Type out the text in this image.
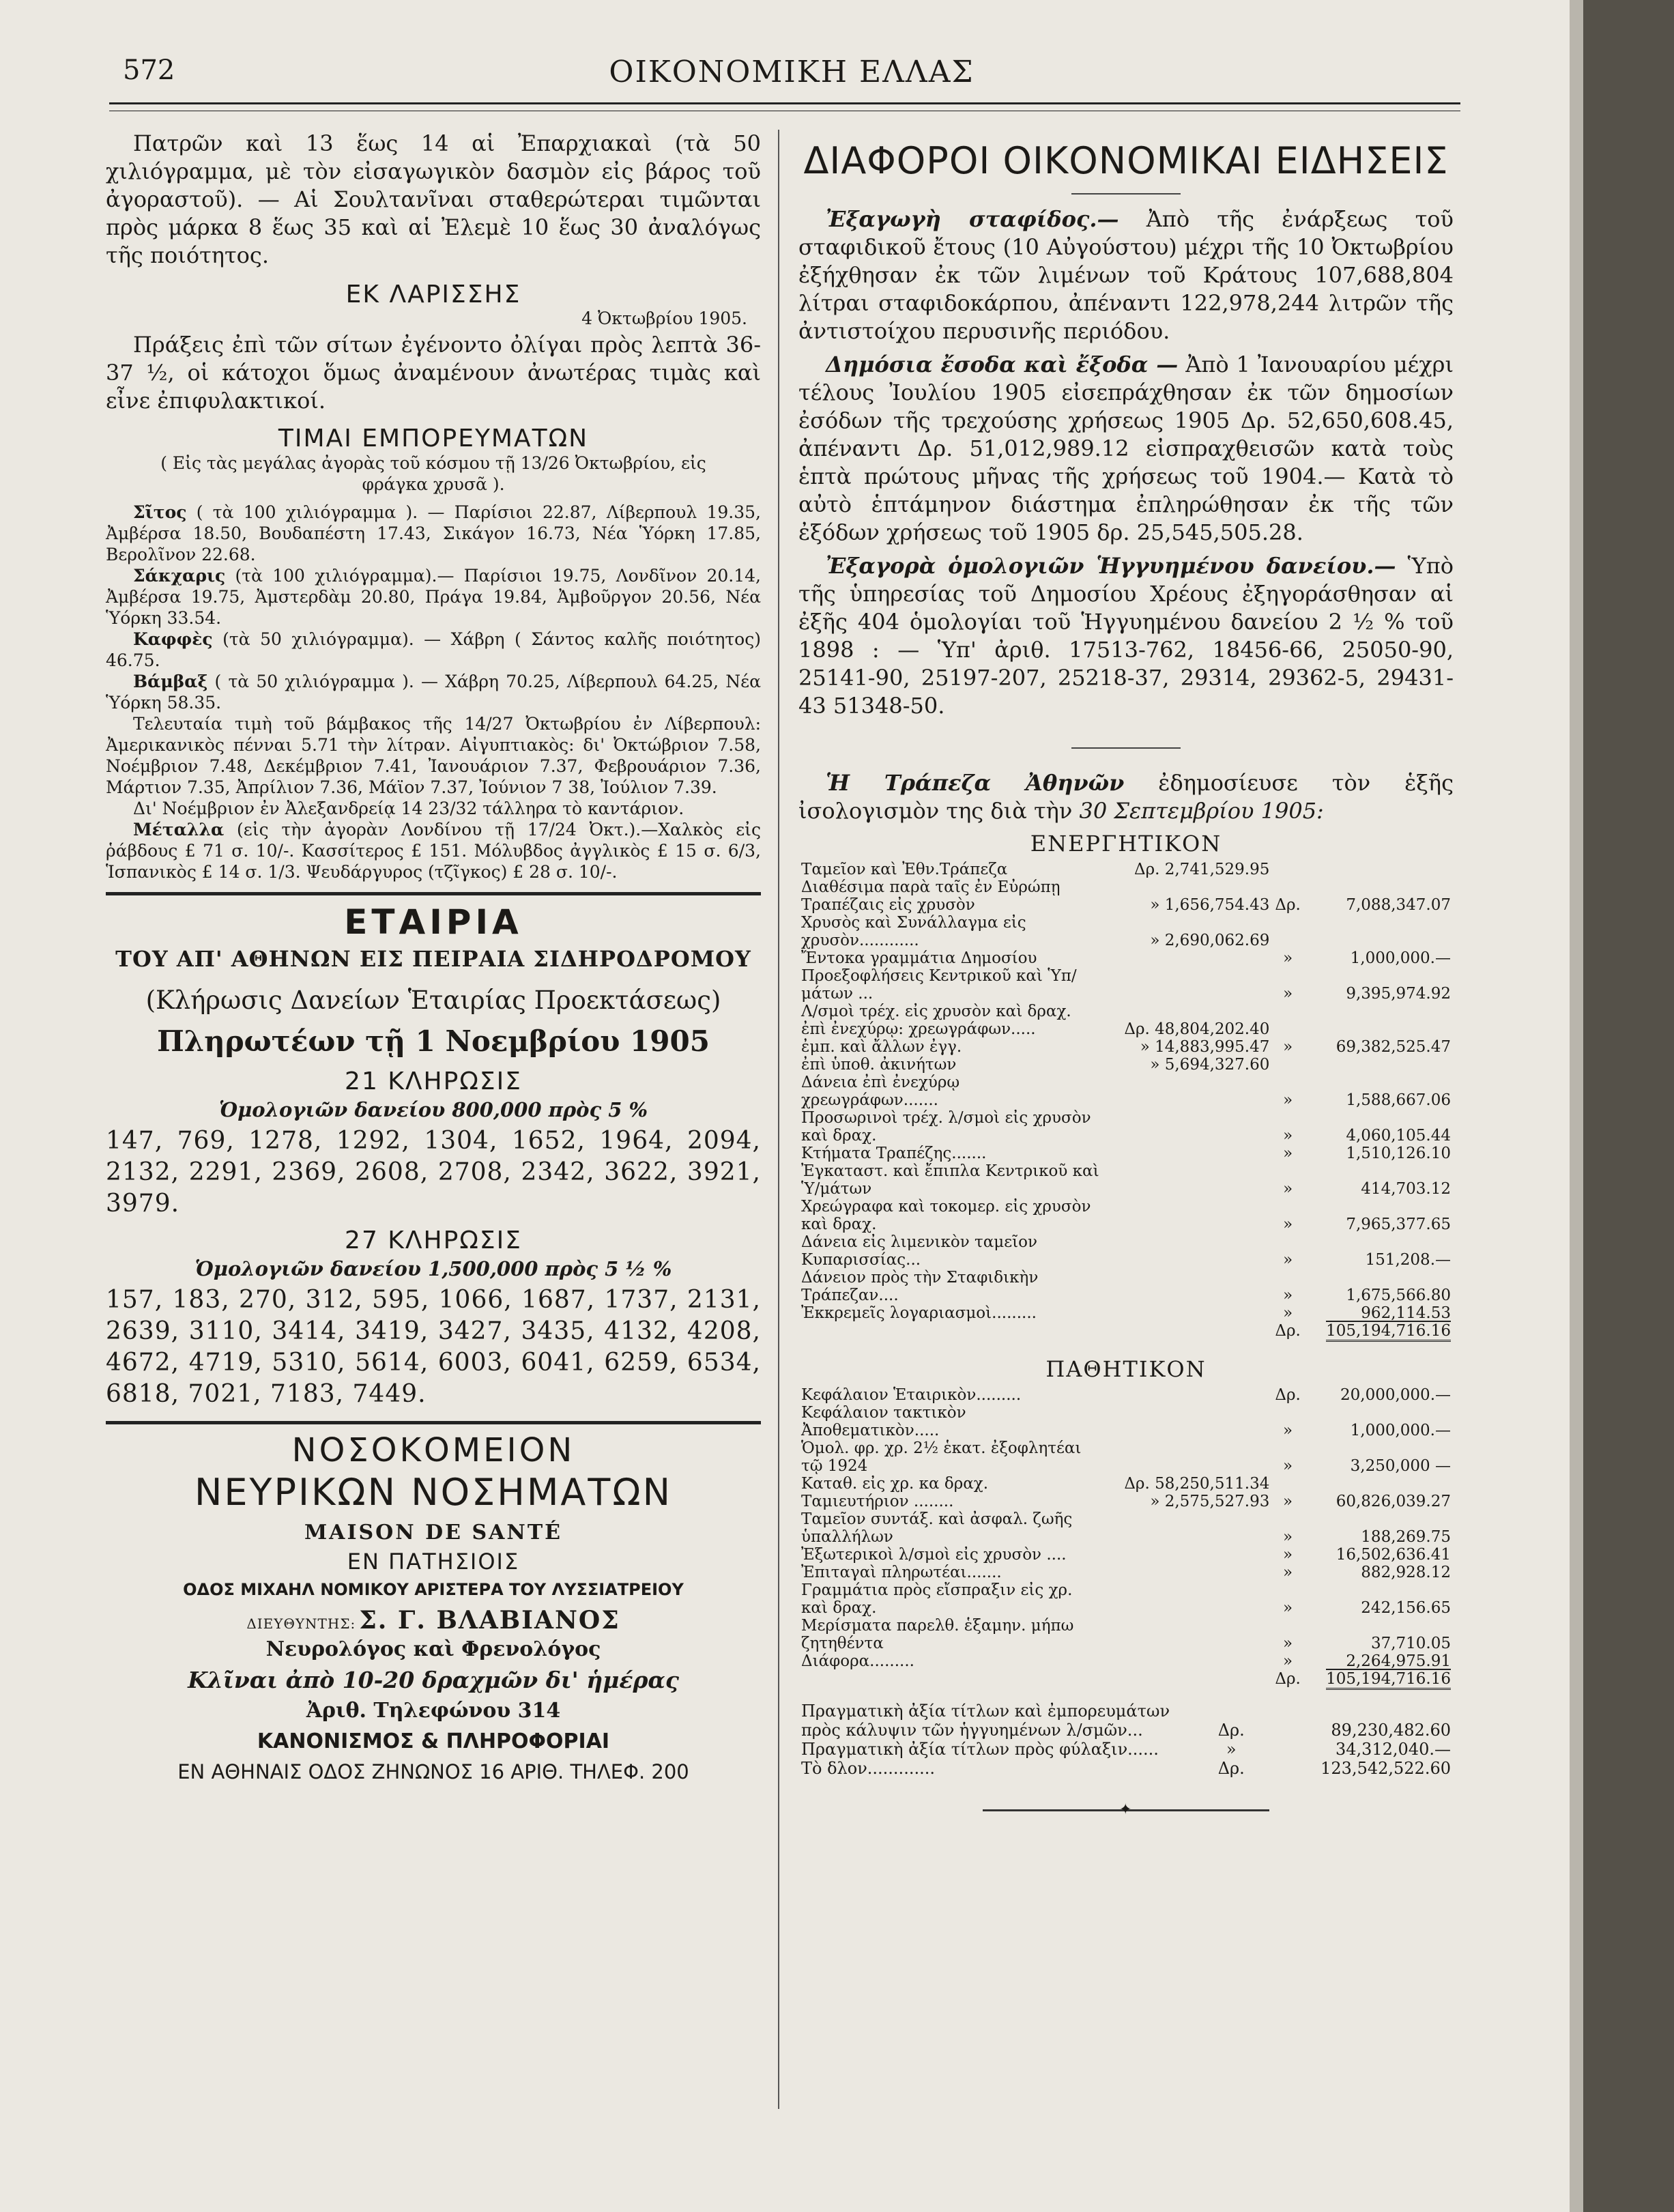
572	ΟΙΚΟΝΟΜΙΚΗ ΕΛΛΑΣ

Πατρῶν καὶ 13 ἕως 14 αἱ Ἐπαρχιακαὶ (τὰ 50 χιλιόγραμμα, μὲ τὸν εἰσαγωγικὸν δασμὸν εἰς βάρος τοῦ ἀγοραστοῦ). — Αἱ Σουλτανῖναι σταθερώτεραι τιμῶνται πρὸς μάρκα 8 ἕως 35 καὶ αἱ Ἐλεμὲ 10 ἕως 30 ἀναλόγως τῆς ποιότητος.

ΕΚ ΛΑΡΙΣΣΗΣ
4 Ὀκτωβρίου 1905.

Πράξεις ἐπὶ τῶν σίτων ἐγένοντο ὀλίγαι πρὸς λεπτὰ 36-37 ½, οἱ κάτοχοι ὅμως ἀναμένουν ἀνωτέρας τιμὰς καὶ εἶνε ἐπιφυλακτικοί.

ΤΙΜΑΙ ΕΜΠΟΡΕΥΜΑΤΩΝ

( Εἰς τὰς μεγάλας ἀγορὰς τοῦ κόσμου τῇ 13/26 Ὀκτωβρίου, εἰς φράγκα χρυσᾶ ).

Σῖτος ( τὰ 100 χιλιόγραμμα ). — Παρίσιοι 22.87, Λίβερπουλ 19.35, Ἀμβέρσα 18.50, Βουδαπέστη 17.43, Σικάγον 16.73, Νέα Ὑόρκη 17.85, Βερολῖνον 22.68.

Σάκχαρις (τὰ 100 χιλιόγραμμα).— Παρίσιοι 19.75, Λονδῖνον 20.14, Ἀμβέρσα 19.75, Ἀμστερδὰμ 20.80, Πράγα 19.84, Ἀμβοῦργον 20.56, Νέα Ὑόρκη 33.54.

Καφφὲς (τὰ 50 χιλιόγραμμα). — Χάβρη ( Σάντος καλῆς ποιότητος) 46.75.

Βάμβαξ ( τὰ 50 χιλιόγραμμα ). — Χάβρη 70.25, Λίβερπουλ 64.25, Νέα Ὑόρκη 58.35.

Τελευταία τιμὴ τοῦ βάμβακος τῆς 14/27 Ὀκτωβρίου ἐν Λίβερπουλ: Ἀμερικανικὸς πένναι 5.71 τὴν λίτραν. Αἰγυπτιακὸς: δι' Ὀκτώβριον 7.58, Νοέμβριον 7.48, Δεκέμβριον 7.41, Ἰανουάριον 7.37, Φεβρουάριον 7.36, Μάρτιον 7.35, Ἀπρίλιον 7.36, Μάϊον 7.37, Ἰούνιον 7 38, Ἰούλιον 7.39.

Δι' Νοέμβριον ἐν Ἀλεξανδρείᾳ 14 23/32 τάλληρα τὸ καντάριον.

Μέταλλα (εἰς τὴν ἀγορὰν Λονδίνου τῇ 17/24 Ὀκτ.).—Χαλκὸς εἰς ῥάβδους £ 71 σ. 10/-. Κασσίτερος £ 151. Μόλυβδος ἀγγλικὸς £ 15 σ. 6/3, Ἱσπανικὸς £ 14 σ. 1/3. Ψευδάργυρος (τζῖγκος) £ 28 σ. 10/-.

ΕΤΑΙΡΙΑ
ΤΟΥ ΑΠ' ΑΘΗΝΩΝ ΕΙΣ ΠΕΙΡΑΙΑ ΣΙΔΗΡΟΔΡΟΜΟΥ
(Κλήρωσις Δανείων Ἑταιρίας Προεκτάσεως)
Πληρωτέων τῇ 1 Νοεμβρίου 1905
21 ΚΛΗΡΩΣΙΣ
Ὁμολογιῶν δανείου 800,000 πρὸς 5 %

147, 769, 1278, 1292, 1304, 1652, 1964, 2094, 2132, 2291, 2369, 2608, 2708, 2342, 3622, 3921, 3979.

27 ΚΛΗΡΩΣΙΣ
Ὁμολογιῶν δανείου 1,500,000 πρὸς 5 ½ %

157, 183, 270, 312, 595, 1066, 1687, 1737, 2131, 2639, 3110, 3414, 3419, 3427, 3435, 4132, 4208, 4672, 4719, 5310, 5614, 6003, 6041, 6259, 6534, 6818, 7021, 7183, 7449.

ΝΟΣΟΚΟΜΕΙΟΝ
ΝΕΥΡΙΚΩΝ ΝΟΣΗΜΑΤΩΝ
MAISON DE SANTÉ
ΕΝ ΠΑΤΗΣΙΟΙΣ
ΟΔΟΣ ΜΙΧΑΗΛ ΝΟΜΙΚΟΥ ΑΡΙΣΤΕΡΑ ΤΟΥ ΛΥΣΣΙΑΤΡΕΙΟΥ
ΔΙΕΥΘΥΝΤΗΣ: Σ. Γ. ΒΛΑΒΙΑΝΟΣ
Νευρολόγος καὶ Φρενολόγος
Κλῖναι ἀπὸ 10-20 δραχμῶν δι' ἡμέρας
Ἀριθ. Τηλεφώνου 314
ΚΑΝΟΝΙΣΜΟΣ & ΠΛΗΡΟΦΟΡΙΑΙ
ΕΝ ΑΘΗΝΑΙΣ ΟΔΟΣ ΖΗΝΩΝΟΣ 16 ΑΡΙΘ. ΤΗΛΕΦ. 200
ΔΙΑΦΟΡΟΙ ΟΙΚΟΝΟΜΙΚΑΙ ΕΙΔΗΣΕΙΣ

Ἐξαγωγὴ σταφίδος.— Ἀπὸ τῆς ἐνάρξεως τοῦ σταφιδικοῦ ἔτους (10 Αὐγούστου) μέχρι τῆς 10 Ὀκτωβρίου ἐξήχθησαν ἐκ τῶν λιμένων τοῦ Κράτους 107,688,804 λίτραι σταφιδοκάρπου, ἀπέναντι 122,978,244 λιτρῶν τῆς ἀντιστοίχου περυσινῆς περιόδου.

Δημόσια ἔσοδα καὶ ἔξοδα — Ἀπὸ 1 Ἰανουαρίου μέχρι τέλους Ἰουλίου 1905 εἰσεπράχθησαν ἐκ τῶν δημοσίων ἐσόδων τῆς τρεχούσης χρήσεως 1905 Δρ. 52,650,608.45, ἀπέναντι Δρ. 51,012,989.12 εἰσπραχθεισῶν κατὰ τοὺς ἑπτὰ πρώτους μῆνας τῆς χρήσεως τοῦ 1904.— Κατὰ τὸ αὐτὸ ἑπτάμηνον διάστημα ἐπληρώθησαν ἐκ τῆς τῶν ἐξόδων χρήσεως τοῦ 1905 δρ. 25,545,505.28.

Ἐξαγορὰ ὁμολογιῶν Ἡγγυημένου δανείου.— Ὑπὸ τῆς ὑπηρεσίας τοῦ Δημοσίου Χρέους ἐξηγοράσθησαν αἱ ἐξῆς 404 ὁμολογίαι τοῦ Ἡγγυημένου δανείου 2 ½ % τοῦ 1898 : — Ὑπ' ἀριθ. 17513-762, 18456-66, 25050-90, 25141-90, 25197-207, 25218-37, 29314, 29362-5, 29431-43 51348-50.

Ἡ Τράπεζα Ἀθηνῶν ἐδημοσίευσε τὸν ἑξῆς ἰσολογισμὸν της διὰ τὴν 30 Σεπτεμβρίου 1905:

ΕΝΕΡΓΗΤΙΚΟΝ
Ταμεῖον καὶ Ἐθν.Τράπεζα	Δρ. 2,741,529.95		
Διαθέσιμα παρὰ ταῖς ἐν Εὐρώπῃ Τραπέζαις εἰς χρυσὸν	» 1,656,754.43	Δρ.	7,088,347.07
Χρυσὸς καὶ Συνάλλαγμα εἰς χρυσὸν............	» 2,690,062.69		
Ἔντοκα γραμμάτια Δημοσίου		»	1,000,000.—
Προεξοφλήσεις Κεντρικοῦ καὶ Ὑπ/μάτων ...		»	9,395,974.92
Λ/σμοὶ τρέχ. εἰς χρυσὸν καὶ δραχ. ἐπὶ ἐνεχύρῳ: χρεωγράφων.....	Δρ. 48,804,202.40		
ἐμπ. καὶ ἄλλων ἐγγ.	» 14,883,995.47	»	69,382,525.47
ἐπὶ ὑποθ. ἀκινήτων	» 5,694,327.60		
Δάνεια ἐπὶ ἐνεχύρῳ χρεωγράφων.......		»	1,588,667.06
Προσωρινοὶ τρέχ. λ/σμοὶ εἰς χρυσὸν καὶ δραχ.		»	4,060,105.44
Κτήματα Τραπέζης.......		»	1,510,126.10
Ἐγκαταστ. καὶ ἔπιπλα Κεντρικοῦ καὶ Ὑ/μάτων		»	414,703.12
Χρεώγραφα καὶ τοκομερ. εἰς χρυσὸν καὶ δραχ.		»	7,965,377.65
Δάνεια εἰς λιμενικὸν ταμεῖον Κυπαρισσίας...		»	151,208.—
Δάνειον πρὸς τὴν Σταφιδικὴν Τράπεζαν....		»	1,675,566.80
Ἐκκρεμεῖς λογαριασμοὶ.........		»	962,114.53
		Δρ.	105,194,716.16
ΠΑΘΗΤΙΚΟΝ
Κεφάλαιον Ἑταιρικὸν.........		Δρ.	20,000,000.—
Κεφάλαιον τακτικὸν Ἀποθεματικὸν.....		»	1,000,000.—
Ὁμολ. φρ. χρ. 2½ ἑκατ. ἐξοφλητέαι τῷ 1924		»	3,250,000 —
Καταθ. εἰς χρ. κα δραχ.	Δρ. 58,250,511.34		
Ταμιευτήριον ........	» 2,575,527.93	»	60,826,039.27
Ταμεῖον συντάξ. καὶ ἀσφαλ. ζωῆς ὑπαλλήλων		»	188,269.75
Ἐξωτερικοὶ λ/σμοὶ εἰς χρυσὸν ....		»	16,502,636.41
Ἐπιταγαὶ πληρωτέαι.......		»	882,928.12
Γραμμάτια πρὸς εἴσπραξιν εἰς χρ. καὶ δραχ.		»	242,156.65
Μερίσματα παρελθ. ἑξαμην. μήπω ζητηθέντα		»	37,710.05
Διάφορα.........		»	2,264,975.91
		Δρ.	105,194,716.16
Πραγματικὴ ἀξία τίτλων καὶ ἐμπορευμάτων πρὸς κάλυψιν τῶν ἡγγυημένων λ/σμῶν...	Δρ.	89,230,482.60
Πραγματικὴ ἀξία τίτλων πρὸς φύλαξιν......	»	34,312,040.—
Τὸ δλον.............	Δρ.	123,542,522.60
✦
